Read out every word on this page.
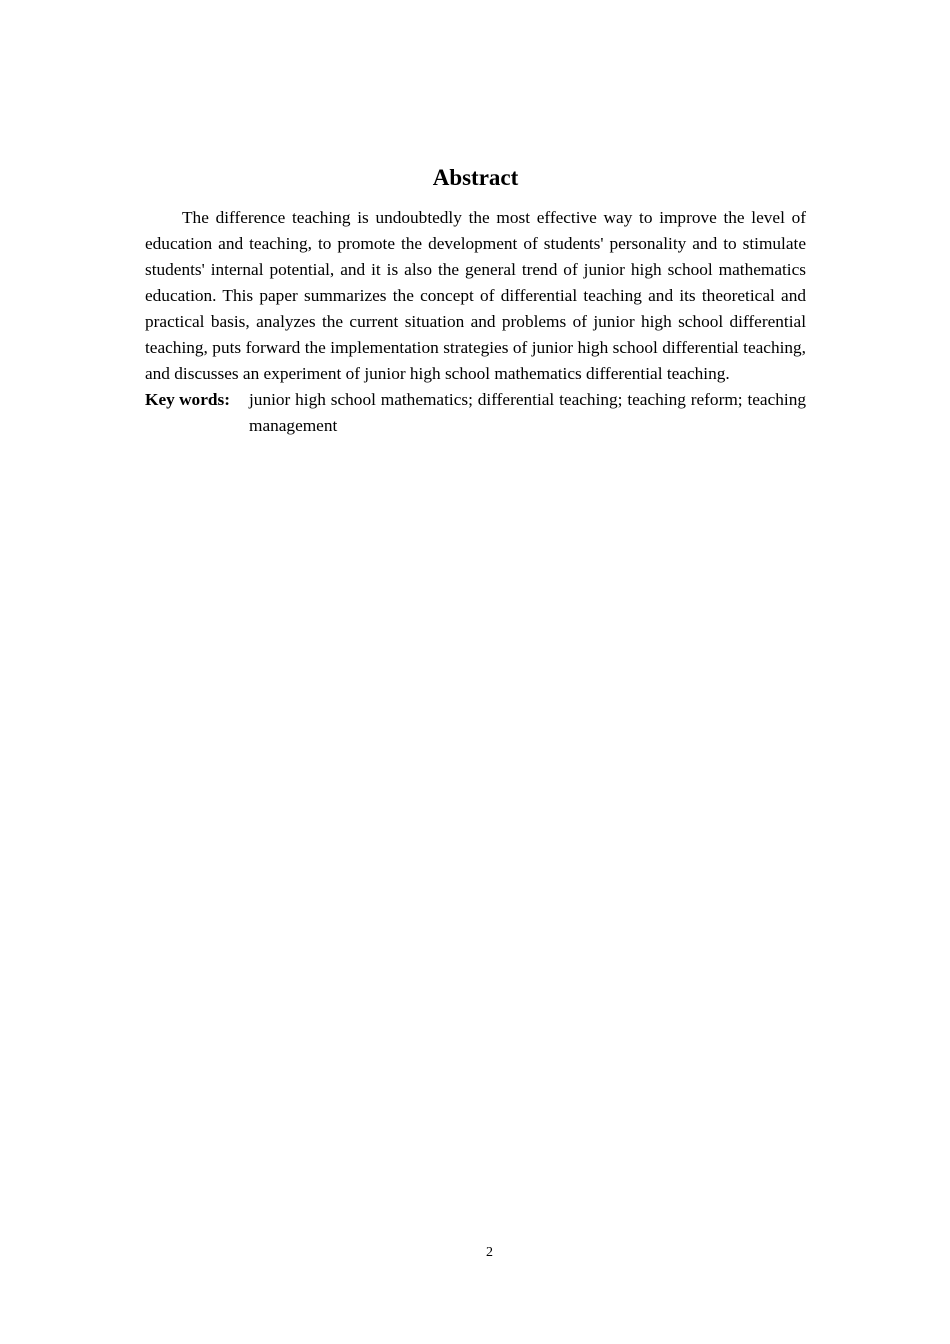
Abstract

The difference teaching is undoubtedly the most effective way to improve the level of education and teaching, to promote the development of students' personality and to stimulate students' internal potential, and it is also the general trend of junior high school mathematics education. This paper summarizes the concept of differential teaching and its theoretical and practical basis, analyzes the current situation and problems of junior high school differential teaching, puts forward the implementation strategies of junior high school differential teaching, and discusses an experiment of junior high school mathematics differential teaching.

Key words:	junior high school mathematics; differential teaching; teaching reform; teaching management
2
